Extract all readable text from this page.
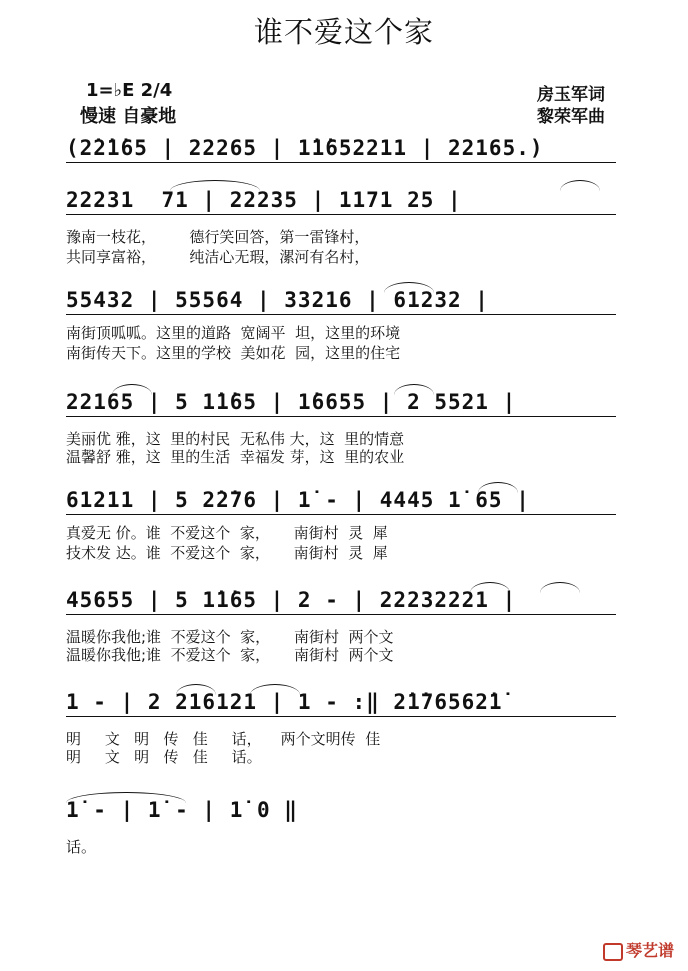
谁不爱这个家
1=♭E 2/4
慢速 自豪地
房玉军词
黎荣军曲
(2̇2̇1̇65 | 22265 | 1̇1̇652211 | 22165.)
22231  71 | 22235 | 1171 25 |
豫南一枝花，       德行笑回答，第一雷锋村，
共同享富裕，       纯洁心无瑕，漯河有名村，
55432 | 55564 | 33216 | 61232 |
南街顶呱呱。这里的道路  宽阔平  坦，这里的环境
南街传天下。这里的学校  美如花  园，这里的住宅
22165 | 5 1̇1̇65 | 1̇6655 | 2 5521 |
美丽优 雅，这  里的村民  无私伟 大，这  里的情意
温馨舒 雅，这  里的生活  幸福发 芽，这  里的农业
61211 | 5 2̇2̇76 | 1̇ - | 4445 1̇ 65 |
真爱无 价。谁  不爱这个  家，     南街村  灵  犀
技术发 达。谁  不爱这个  家，     南街村  灵  犀
45655 | 5 1̇1̇65 | 2 - | 22232221 |
温暖你我他;谁  不爱这个  家，     南街村  两个文
温暖你我他;谁  不爱这个  家，     南街村  两个文
1 - | 2 216121 | 1 - :‖ 2̇1̇76562̇1̇
明     文   明   传   佳     话，    两个文明传  佳
明     文   明   传   佳     话。
1̇ - | 1̇ - | 1̇ 0 ‖
话。
琴艺谱
